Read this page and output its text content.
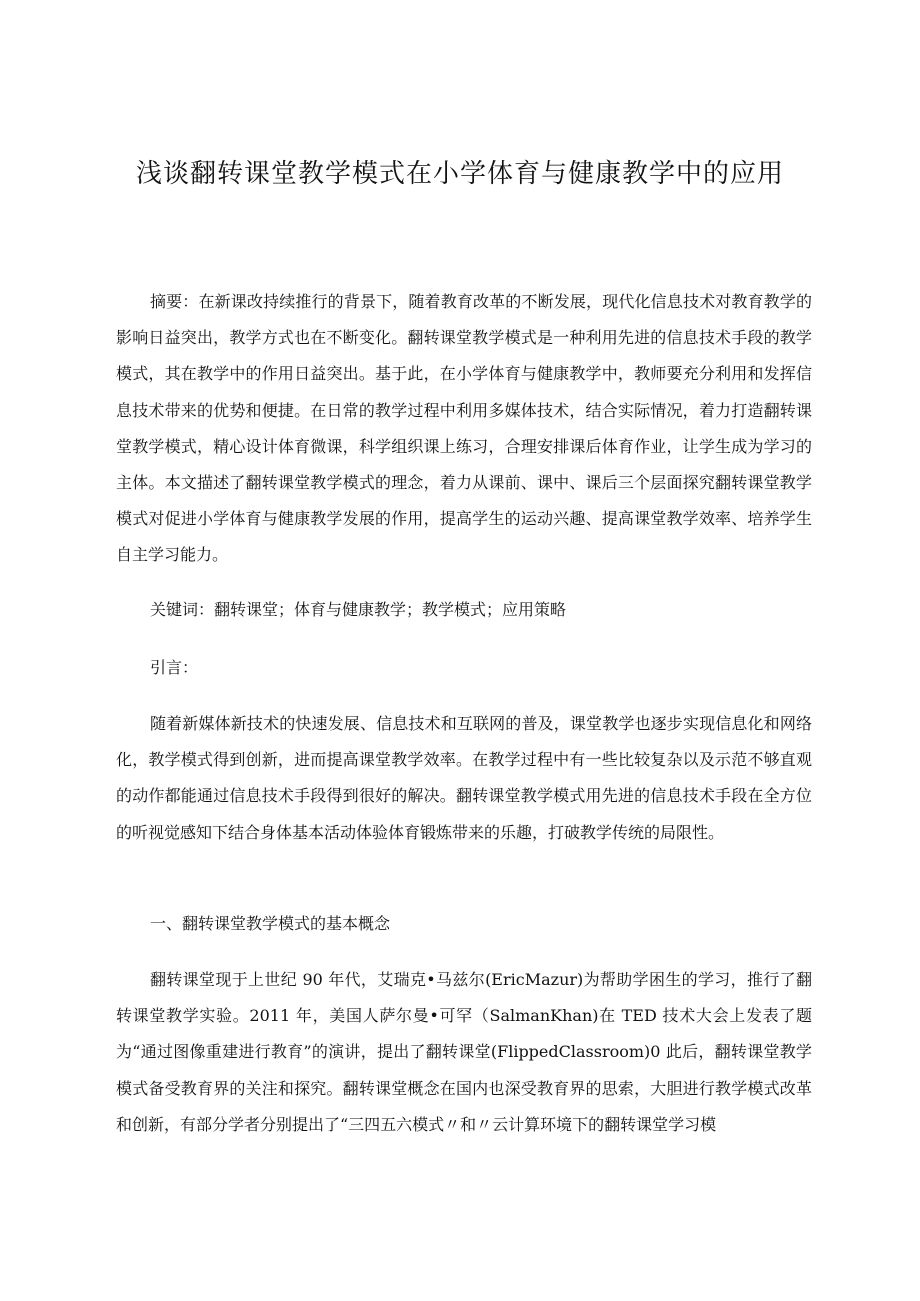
浅谈翻转课堂教学模式在小学体育与健康教学中的应用

摘要：在新课改持续推行的背景下，随着教育改革的不断发展，现代化信息技术对教育教学的影响日益突出，教学方式也在不断变化。翻转课堂教学模式是一种利用先进的信息技术手段的教学模式，其在教学中的作用日益突出。基于此，在小学体育与健康教学中，教师要充分利用和发挥信息技术带来的优势和便捷。在日常的教学过程中利用多媒体技术，结合实际情况，着力打造翻转课堂教学模式，精心设计体育微课，科学组织课上练习，合理安排课后体育作业，让学生成为学习的主体。本文描述了翻转课堂教学模式的理念，着力从课前、课中、课后三个层面探究翻转课堂教学模式对促进小学体育与健康教学发展的作用，提高学生的运动兴趣、提高课堂教学效率、培养学生自主学习能力。

关键词：翻转课堂；体育与健康教学；教学模式；应用策略

引言：

随着新媒体新技术的快速发展、信息技术和互联网的普及，课堂教学也逐步实现信息化和网络化，教学模式得到创新，进而提高课堂教学效率。在教学过程中有一些比较复杂以及示范不够直观的动作都能通过信息技术手段得到很好的解决。翻转课堂教学模式用先进的信息技术手段在全方位的听视觉感知下结合身体基本活动体验体育锻炼带来的乐趣，打破教学传统的局限性。

一、翻转课堂教学模式的基本概念

翻转课堂现于上世纪 90 年代，艾瑞克•马兹尔(EricMazur)为帮助学困生的学习，推行了翻转课堂教学实验。2011 年，美国人萨尔曼•可罕（SalmanKhan)在 TED 技术大会上发表了题为“通过图像重建进行教育”的演讲，提出了翻转课堂(FlippedClassroom)0 此后，翻转课堂教学模式备受教育界的关注和探究。翻转课堂概念在国内也深受教育界的思索，大胆进行教学模式改革和创新，有部分学者分别提出了“三四五六模式〃和〃云计算环境下的翻转课堂学习模
